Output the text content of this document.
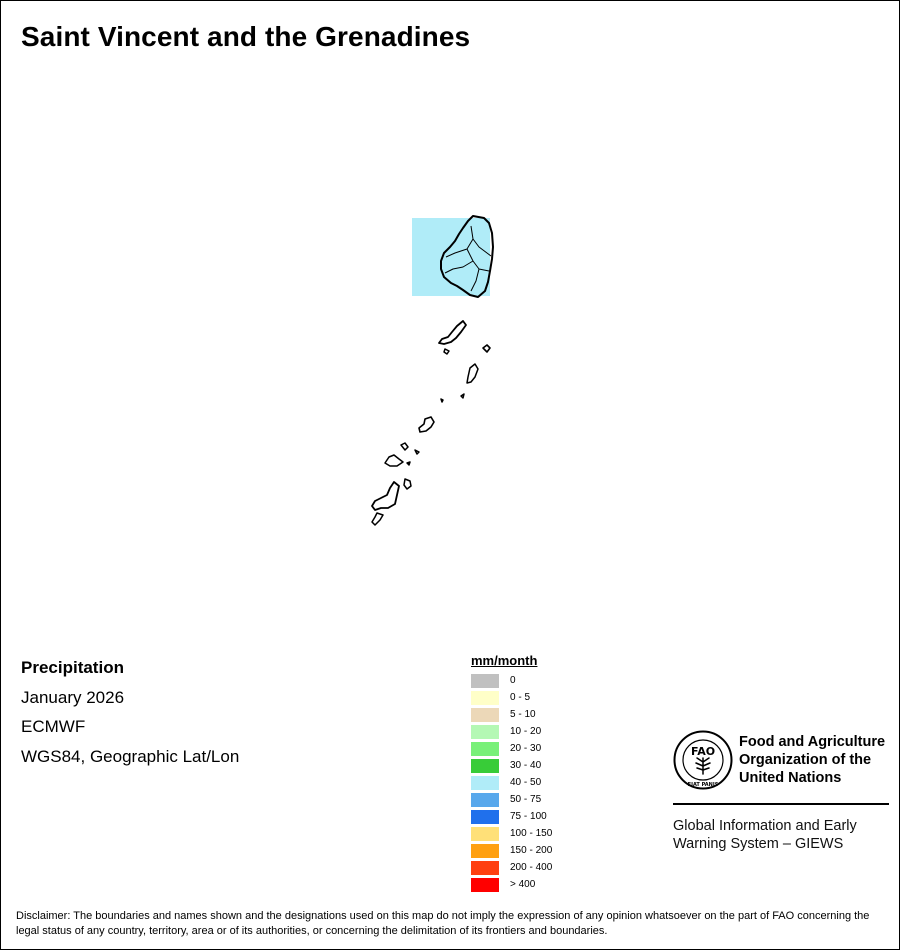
Saint Vincent and the Grenadines
Precipitation
January 2026
ECMWF
WGS84, Geographic Lat/Lon
mm/month
0
0 - 5
5 - 10
10 - 20
20 - 30
30 - 40
40 - 50
50 - 75
75 - 100
100 - 150
150 - 200
200 - 400
> 400
FAO
FIAT PANIS
Food and Agriculture
Organization of the
United Nations
Global Information and Early
Warning System – GIEWS
Disclaimer: The boundaries and names shown and the designations used on this map do not imply the expression of any opinion whatsoever on the part of FAO concerning the legal status of any country, territory, area or of its authorities, or concerning the delimitation of its frontiers and boundaries.
